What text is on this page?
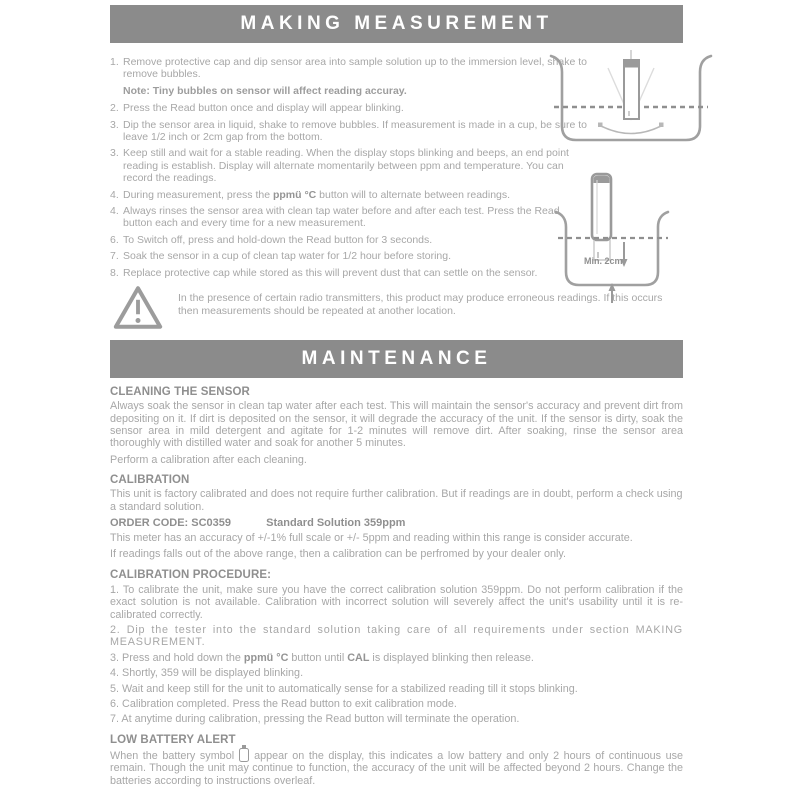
MAKING MEASUREMENT
1. Remove protective cap and dip sensor area into sample solution up to the immersion level, shake to remove bubbles.
Note: Tiny bubbles on sensor will affect reading accuray.
2. Press the Read button once and display will appear blinking.
3. Dip the sensor area in liquid, shake to remove bubbles. If measurement is made in a cup, be sure to leave 1/2 inch or 2cm gap from the bottom.
3. Keep still and wait for a stable reading. When the display stops blinking and beeps, an end point reading is establish. Display will alternate momentarily between ppm and temperature. You can record the readings.
4. During measurement, press the ppmü °C button will to alternate between readings.
4. Always rinses the sensor area with clean tap water before and after each test. Press the Read button each and every time for a new measurement.
6. To Switch off, press and hold-down the Read button for 3 seconds.
7. Soak the sensor in a cup of clean tap water for 1/2 hour before storing.
8. Replace protective cap while stored as this will prevent dust that can settle on the sensor.
In the presence of certain radio transmitters, this product may produce erroneous readings. If this occurs then measurements should be repeated at another location.
MAINTENANCE
CLEANING THE SENSOR
Always soak the sensor in clean tap water after each test. This will maintain the sensor's accuracy and prevent dirt from depositing on it. If dirt is deposited on the sensor, it will degrade the accuracy of the unit. If the sensor is dirty, soak the sensor area in mild detergent and agitate for 1-2 minutes will remove dirt. After soaking, rinse the sensor area thoroughly with distilled water and soak for another 5 minutes.
Perform a calibration after each cleaning.
CALIBRATION
This unit is factory calibrated and does not require further calibration. But if readings are in doubt, perform a check using a standard solution.
ORDER CODE: SC0359	Standard Solution 359ppm
This meter has an accuracy of +/-1% full scale or +/- 5ppm and reading within this range is consider accurate.
If readings falls out of the above range, then a calibration can be perfromed by your dealer only.
CALIBRATION PROCEDURE:
1. To calibrate the unit, make sure you have the correct calibration solution 359ppm. Do not perform calibration if the exact solution is not available. Calibration with incorrect solution will severely affect the unit's usability until it is re-calibrated correctly.
2. Dip the tester into the standard solution taking care of all requirements under section MAKING MEASUREMENT.
3. Press and hold down the ppmü °C button until CAL is displayed blinking then release.
4. Shortly, 359 will be displayed blinking.
5. Wait and keep still for the unit to automatically sense for a stabilized reading till it stops blinking.
6. Calibration completed. Press the Read button to exit calibration mode.
7. At anytime during calibration, pressing the Read button will terminate the operation.
LOW BATTERY ALERT
When the battery symbol appear on the display, this indicates a low battery and only 2 hours of continuous use remain. Though the unit may continue to function, the accuracy of the unit will be affected beyond 2 hours. Change the batteries according to instructions overleaf.
Min. 2cm
